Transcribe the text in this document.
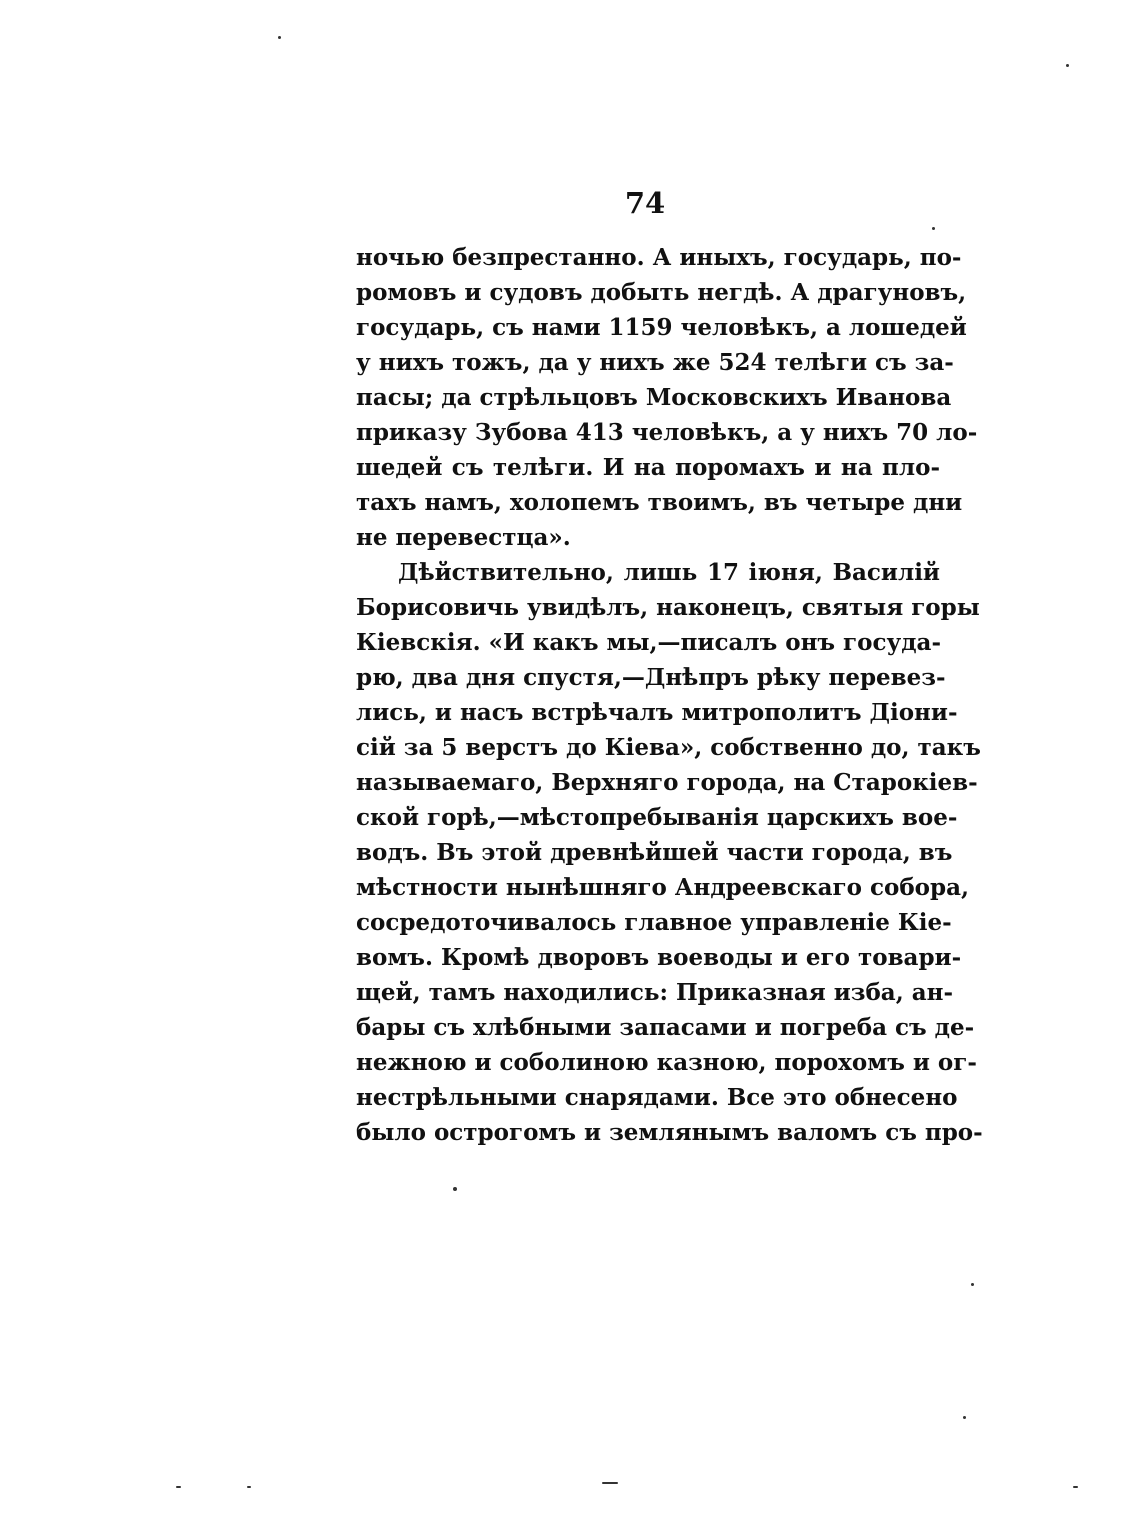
74
ночью безпрестанно. А иныхъ, государь, по-
ромовъ и судовъ добыть негдѣ. А драгуновъ,
государь, съ нами 1159 человѣкъ, а лошедей
у нихъ тожъ, да у нихъ же 524 телѣги съ за-
пасы; да стрѣльцовъ Московскихъ Иванова
приказу Зубова 413 человѣкъ, а у нихъ 70 ло-
шедей съ телѣги. И на поромахъ и на пло-
тахъ намъ, холопемъ твоимъ, въ четыре дни
не перевестца».
Дѣйствительно, лишь 17 іюня, Василій
Борисовичь увидѣлъ, наконецъ, святыя горы
Кіевскія. «И какъ мы,—писалъ онъ госуда-
рю, два дня спустя,—Днѣпръ рѣку перевез-
лись, и насъ встрѣчалъ митрополитъ Діони-
сій за 5 верстъ до Кіева», собственно до, такъ
называемаго, Верхняго города, на Старокіев-
ской горѣ,—мѣстопребыванія царскихъ вое-
водъ. Въ этой древнѣйшей части города, въ
мѣстности нынѣшняго Андреевскаго собора,
сосредоточивалось главное управленіе Кіе-
вомъ. Кромѣ дворовъ воеводы и его товари-
щей, тамъ находились: Приказная изба, ан-
бары съ хлѣбными запасами и погреба съ де-
нежною и соболиною казною, порохомъ и ог-
нестрѣльными снарядами. Все это обнесено
было острогомъ и землянымъ валомъ съ про-
